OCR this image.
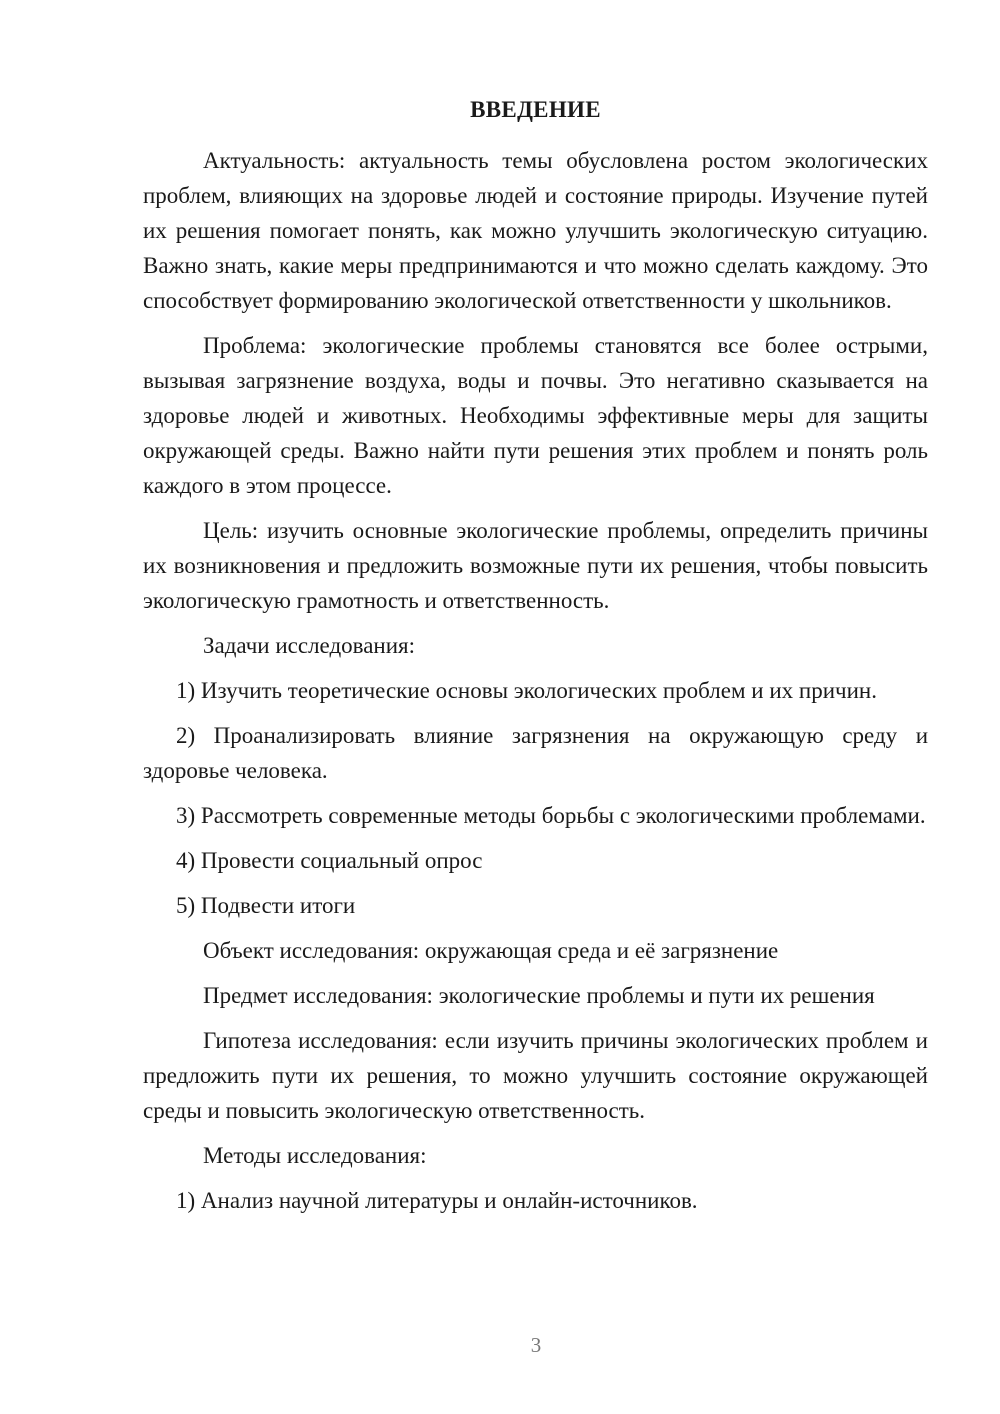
ВВЕДЕНИЕ

Актуальность: актуальность темы обусловлена ростом экологических проблем, влияющих на здоровье людей и состояние природы. Изучение путей их решения помогает понять, как можно улучшить экологическую ситуацию. Важно знать, какие меры предпринимаются и что можно сделать каждому. Это способствует формированию экологической ответственности у школьников.

Проблема: экологические проблемы становятся все более острыми, вызывая загрязнение воздуха, воды и почвы. Это негативно сказывается на здоровье людей и животных. Необходимы эффективные меры для защиты окружающей среды. Важно найти пути решения этих проблем и понять роль каждого в этом процессе.

Цель: изучить основные экологические проблемы, определить причины их возникновения и предложить возможные пути их решения, чтобы повысить экологическую грамотность и ответственность.

Задачи исследования:

1) Изучить теоретические основы экологических проблем и их причин.

2) Проанализировать влияние загрязнения на окружающую среду и здоровье человека.

3) Рассмотреть современные методы борьбы с экологическими проблемами.

4) Провести социальный опрос

5) Подвести итоги

Объект исследования: окружающая среда и её загрязнение

Предмет исследования: экологические проблемы и пути их решения

Гипотеза исследования: если изучить причины экологических проблем и предложить пути их решения, то можно улучшить состояние окружающей среды и повысить экологическую ответственность.

Методы исследования:

1) Анализ научной литературы и онлайн-источников.

3
